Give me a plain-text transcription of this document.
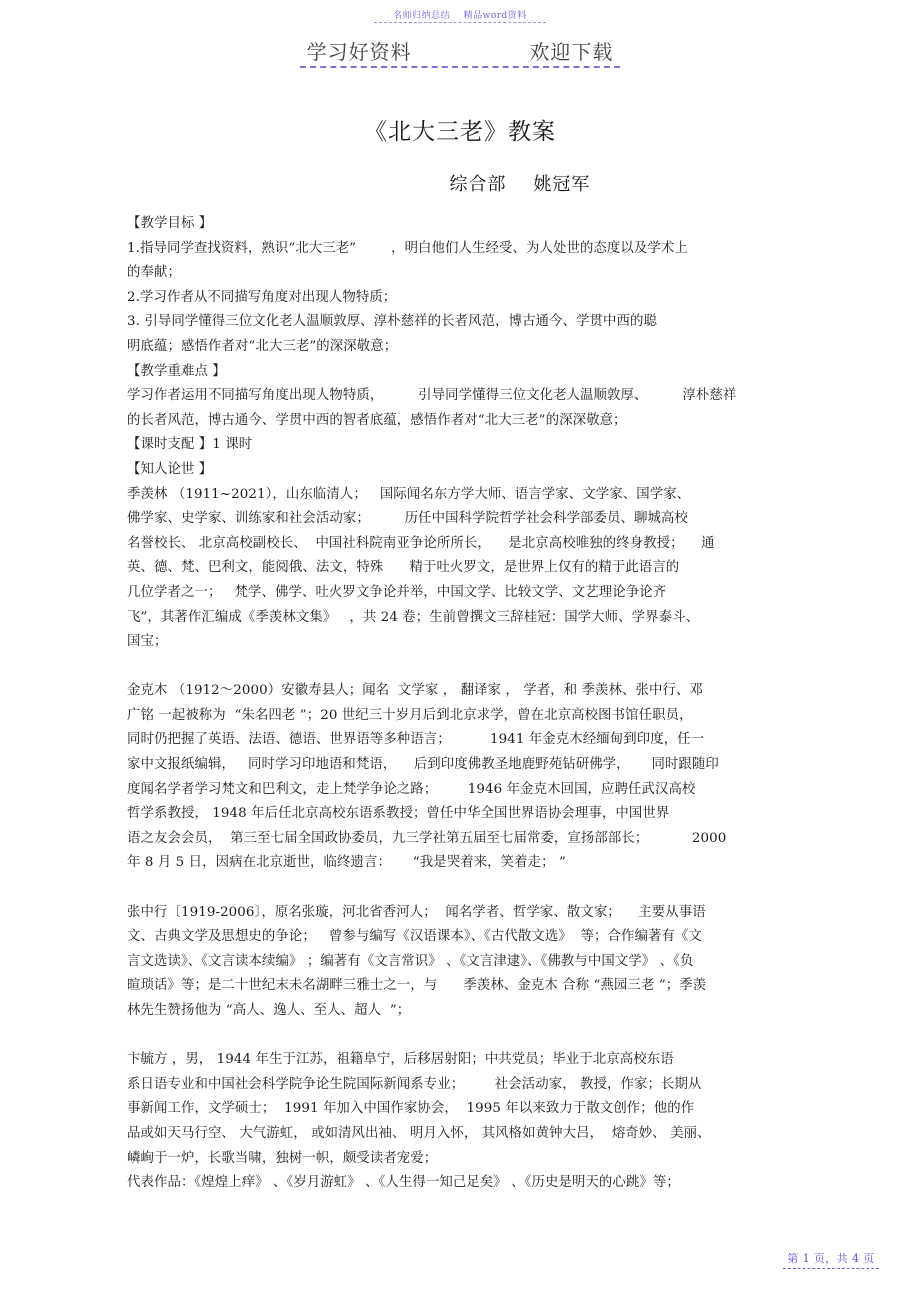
名师归纳总结    精品word资料
学习好资料                欢迎下载
《北大三老》教案
综合部    姚冠军
【教学目标 】
1.指导同学查找资料，熟识“北大三老”        ，明白他们人生经受、为人处世的态度以及学术上
的奉献；
2.学习作者从不同描写角度对出现人物特质；
3. 引导同学懂得三位文化老人温顺敦厚、淳朴慈祥的长者风范，博古通今、学贯中西的聪
明底蕴；感悟作者对“北大三老”的深深敬意；
【教学重难点 】
学习作者运用不同描写角度出现人物特质，        引导同学懂得三位文化老人温顺敦厚、        淳朴慈祥
的长者风范，博古通今、学贯中西的智者底蕴，感悟作者对“北大三老”的深深敬意；
【课时支配 】1 课时
【知人论世 】
季羡林 （1911~2021），山东临清人；   国际闻名东方学大师、语言学家、文学家、国学家、
佛学家、史学家、训练家和社会活动家；        历任中国科学院哲学社会科学部委员、聊城高校
名誉校长、 北京高校副校长、  中国社科院南亚争论所所长，    是北京高校唯独的终身教授；    通
英、德、梵、巴利文，能阅俄、法文，特殊      精于吐火罗文，是世界上仅有的精于此语言的
几位学者之一；   梵学、佛学、吐火罗文争论并举，中国文学、比较文学、文艺理论争论齐
飞”，其著作汇编成《季羡林文集》   ，共 24 卷；生前曾撰文三辞桂冠：国学大师、学界泰斗、
国宝；
金克木 （1912～2000）安徽寿县人；闻名  文学家 ， 翻译家 ， 学者，和 季羡林、张中行、邓
广铭 一起被称为  “朱名四老 ”；20 世纪三十岁月后到北京求学，曾在北京高校图书馆任职员，
同时仍把握了英语、法语、德语、世界语等多种语言；         1941 年金克木经缅甸到印度，任一
家中文报纸编辑，   同时学习印地语和梵语，    后到印度佛教圣地鹿野苑钻研佛学，     同时跟随印
度闻名学者学习梵文和巴利文，走上梵学争论之路；       1946 年金克木回国，应聘任武汉高校
哲学系教授， 1948 年后任北京高校东语系教授；曾任中华全国世界语协会理事，中国世界
语之友会会员，  第三至七届全国政协委员，九三学社第五届至七届常委，宣扬部部长；          2000
年 8 月 5 日，因病在北京逝世，临终遗言：     “我是哭着来，笑着走； ”
张中行〔1919-2006〕，原名张璇，河北省香河人；  闻名学者、哲学家、散文家；    主要从事语
文、古典文学及思想史的争论；   曾参与编写《汉语课本》、《古代散文选》  等；合作编著有《文
言文选读》、《文言读本续编》 ；编著有《文言常识》 、《文言津逮》、《佛教与中国文学》 、《负
暄琐话》等；是二十世纪末未名湖畔三雅士之一，与      季羡林、金克木 合称 “燕园三老 ”；季羡
林先生赞扬他为 “高人、逸人、至人、超人  ”；
卞毓方 ，男， 1944 年生于江苏，祖籍阜宁，后移居射阳；中共党员；毕业于北京高校东语
系日语专业和中国社会科学院争论生院国际新闻系专业；       社会活动家， 教授，作家；长期从
事新闻工作，文学硕士；  1991 年加入中国作家协会，  1995 年以来致力于散文创作；他的作
品或如天马行空、 大气游虹， 或如清风出袖、 明月入怀， 其风格如黄钟大吕，  熔奇妙、 美丽、
嶙峋于一炉，长歌当啸，独树一帜，颇受读者宠爱；
代表作品：《煌煌上痒》 、《岁月游虹》 、《人生得一知己足矣》 、《历史是明天的心跳》等；
第 1 页，共 4 页
